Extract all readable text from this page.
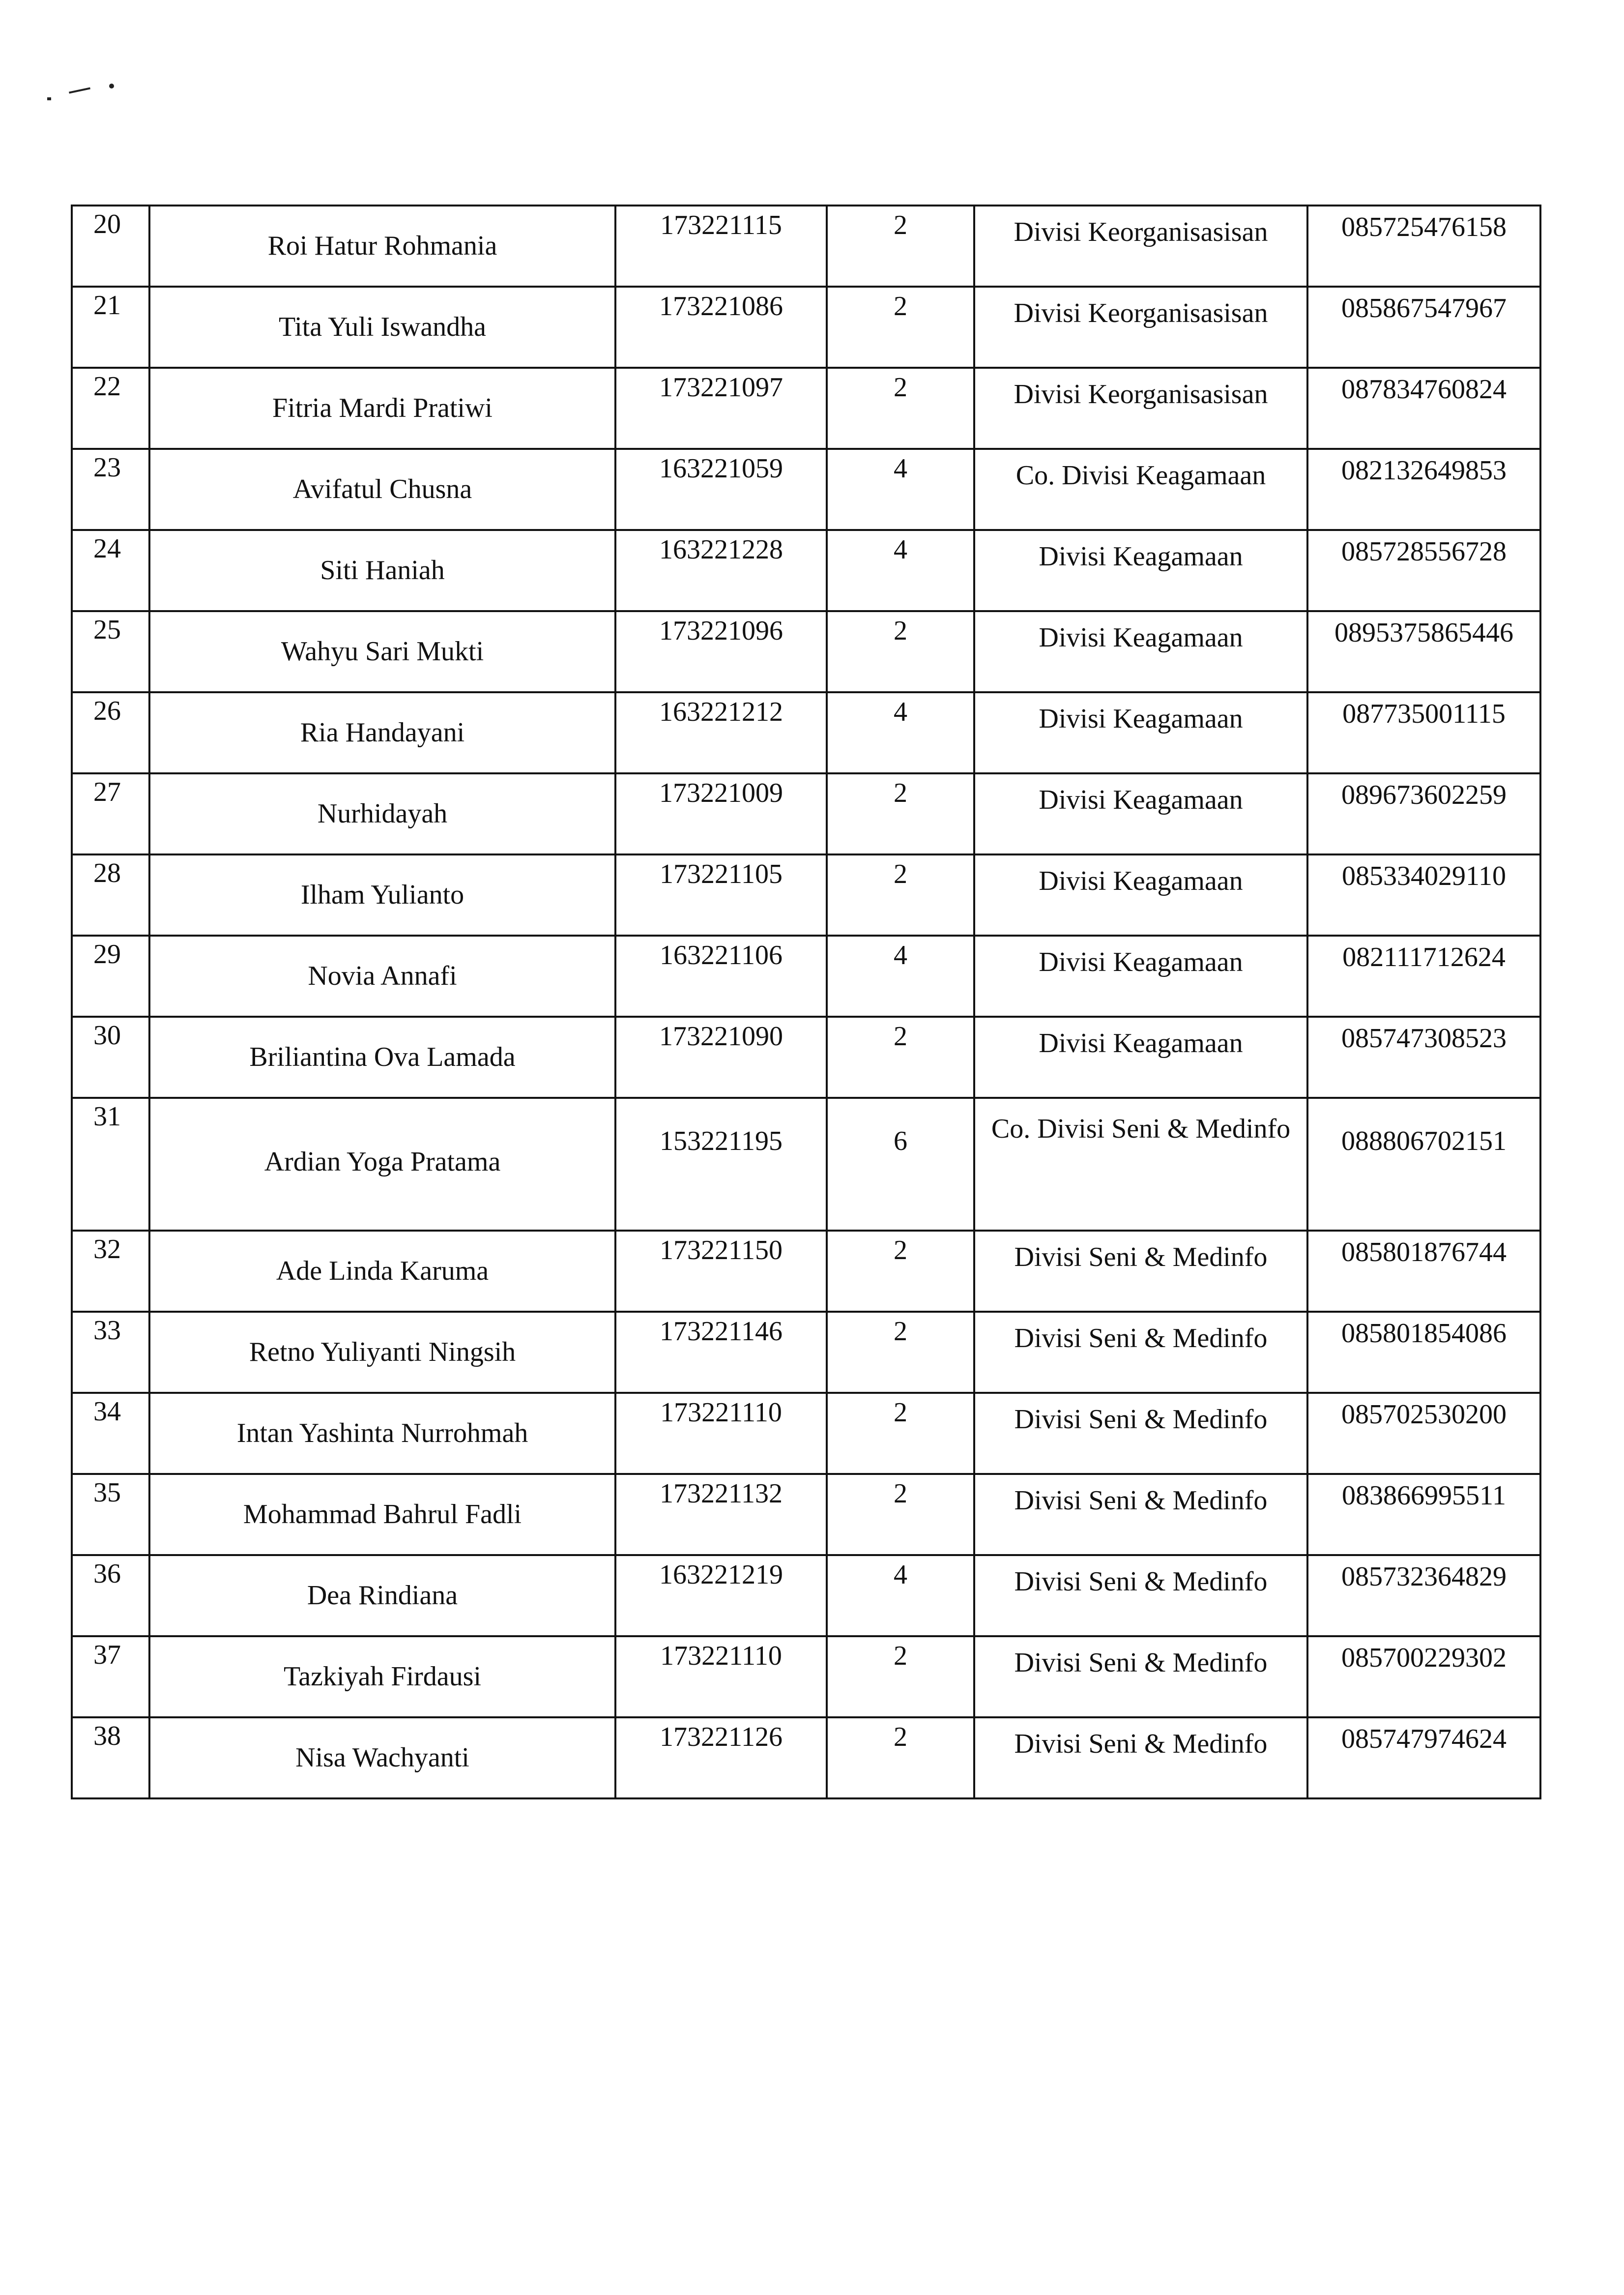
20	Roi Hatur Rohmania	173221115	2	Divisi Keorganisasisan	085725476158
21	Tita Yuli Iswandha	173221086	2	Divisi Keorganisasisan	085867547967
22	Fitria Mardi Pratiwi	173221097	2	Divisi Keorganisasisan	087834760824
23	Avifatul Chusna	163221059	4	Co. Divisi Keagamaan	082132649853
24	Siti Haniah	163221228	4	Divisi Keagamaan	085728556728
25	Wahyu Sari Mukti	173221096	2	Divisi Keagamaan	0895375865446
26	Ria Handayani	163221212	4	Divisi Keagamaan	087735001115
27	Nurhidayah	173221009	2	Divisi Keagamaan	089673602259
28	Ilham Yulianto	173221105	2	Divisi Keagamaan	085334029110
29	Novia Annafi	163221106	4	Divisi Keagamaan	082111712624
30	Briliantina Ova Lamada	173221090	2	Divisi Keagamaan	085747308523
31	Ardian Yoga Pratama	153221195	6	Co. Divisi Seni & Medinfo	088806702151
32	Ade Linda Karuma	173221150	2	Divisi Seni & Medinfo	085801876744
33	Retno Yuliyanti Ningsih	173221146	2	Divisi Seni & Medinfo	085801854086
34	Intan Yashinta Nurrohmah	173221110	2	Divisi Seni & Medinfo	085702530200
35	Mohammad Bahrul Fadli	173221132	2	Divisi Seni & Medinfo	083866995511
36	Dea Rindiana	163221219	4	Divisi Seni & Medinfo	085732364829
37	Tazkiyah Firdausi	173221110	2	Divisi Seni & Medinfo	085700229302
38	Nisa Wachyanti	173221126	2	Divisi Seni & Medinfo	085747974624
